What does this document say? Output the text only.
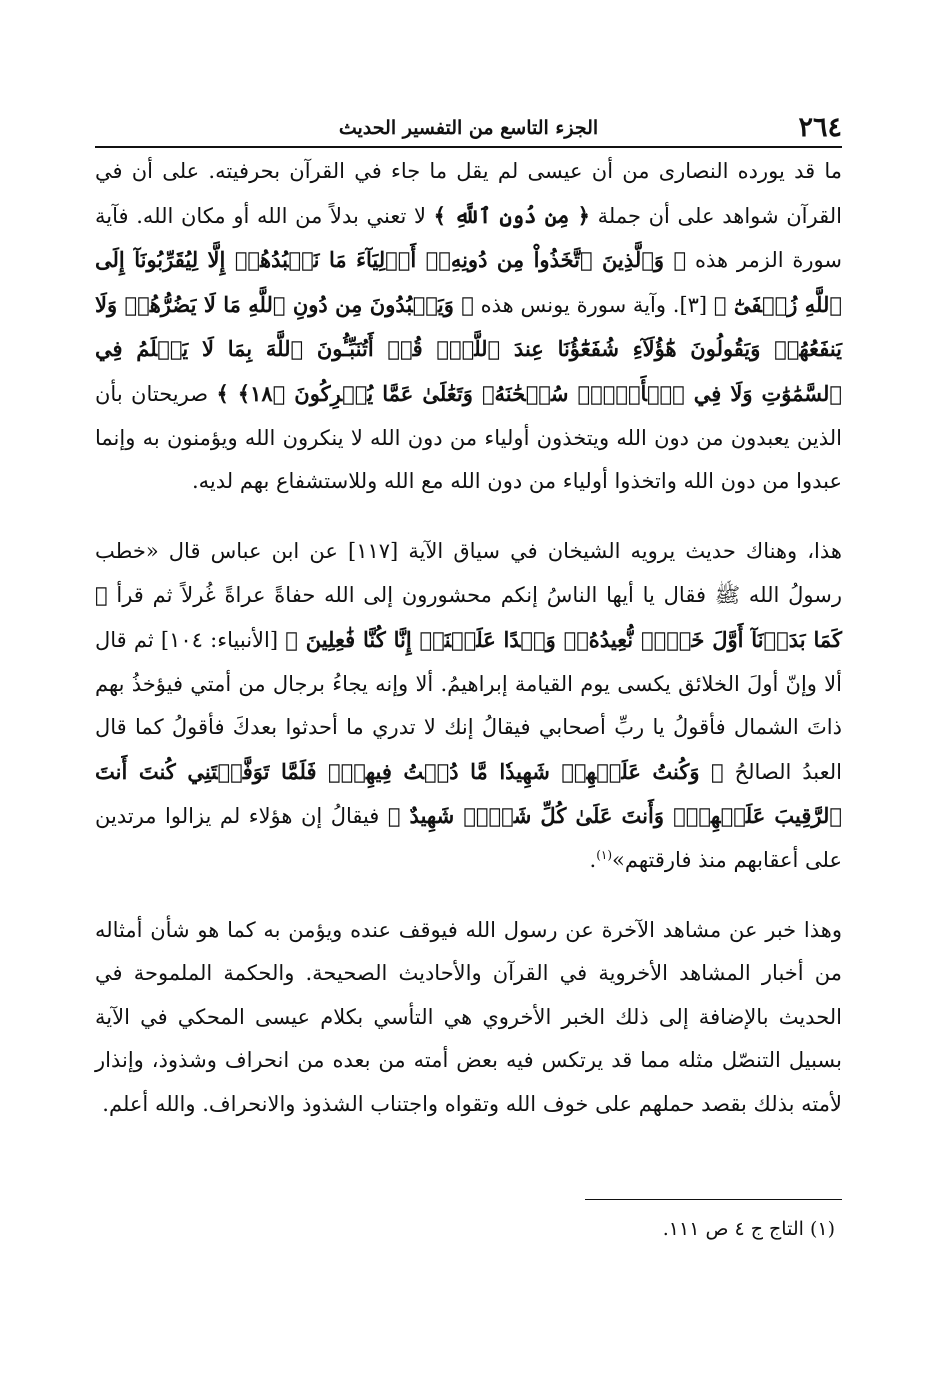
٢٦٤
الجزء التاسع من التفسير الحديث

ما قد يورده النصارى من أن عيسى لم يقل ما جاء في القرآن بحرفيته. على أن في القرآن شواهد على أن جملة ﴿ مِن دُونِ ٱللَّهِ ﴾ لا تعني بدلاً من الله أو مكان الله. فآية سورة الزمر هذه ﴿ وَٱلَّذِينَ ٱتَّخَذُواْ مِن دُونِهِۦٓ أَوۡلِيَآءَ مَا نَعۡبُدُهُمۡ إِلَّا لِيُقَرِّبُونَآ إِلَى ٱللَّهِ زُلۡفَىٰٓ ﴾ [٣]. وآية سورة يونس هذه ﴿ وَيَعۡبُدُونَ مِن دُونِ ٱللَّهِ مَا لَا يَضُرُّهُمۡ وَلَا يَنفَعُهُمۡ وَيَقُولُونَ هَٰٓؤُلَآءِ شُفَعَٰٓؤُنَا عِندَ ٱللَّهِۚ قُلۡ أَتُنَبِّـُٔونَ ٱللَّهَ بِمَا لَا يَعۡلَمُ فِي ٱلسَّمَٰوَٰتِ وَلَا فِي ٱلۡأَرۡضِۚ سُبۡحَٰنَهُۥ وَتَعَٰلَىٰ عَمَّا يُشۡرِكُونَ ﴿١٨﴾ ﴾ صريحتان بأن الذين يعبدون من دون الله ويتخذون أولياء من دون الله لا ينكرون الله ويؤمنون به وإنما عبدوا من دون الله واتخذوا أولياء من دون الله مع الله وللاستشفاع بهم لديه.

هذا، وهناك حديث يرويه الشيخان في سياق الآية [١١٧] عن ابن عباس قال «خطب رسولُ الله ﷺ فقال يا أيها الناسُ إنكم محشورون إلى الله حفاةً عراةً غُرلاً ثم قرأ ﴿ كَمَا بَدَأۡنَآ أَوَّلَ خَلۡقٖ نُّعِيدُهُۥۚ وَعۡدًا عَلَيۡنَآۚ إِنَّا كُنَّا فَٰعِلِينَ ﴾ [الأنبياء: ١٠٤] ثم قال ألا وإنّ أولَ الخلائق يكسى يوم القيامة إبراهيمُ. ألا وإنه يجاءُ برجال من أمتي فيؤخذُ بهم ذاتَ الشمال فأقولُ يا ربِّ أصحابي فيقالُ إنك لا تدري ما أحدثوا بعدكَ فأقولُ كما قال العبدُ الصالحُ ﴿ وَكُنتُ عَلَيۡهِمۡ شَهِيدٗا مَّا دُمۡتُ فِيهِمۡۖ فَلَمَّا تَوَفَّيۡتَنِي كُنتَ أَنتَ ٱلرَّقِيبَ عَلَيۡهِمۡۚ وَأَنتَ عَلَىٰ كُلِّ شَيۡءٖ شَهِيدٌ ﴾ فيقالُ إن هؤلاء لم يزالوا مرتدين على أعقابهم منذ فارقتهم»$^{(١)}$.

وهذا خبر عن مشاهد الآخرة عن رسول الله فيوقف عنده ويؤمن به كما هو شأن أمثاله من أخبار المشاهد الأخروية في القرآن والأحاديث الصحيحة. والحكمة الملموحة في الحديث بالإضافة إلى ذلك الخبر الأخروي هي التأسي بكلام عيسى المحكي في الآية بسبيل التنصّل مثله مما قد يرتكس فيه بعض أمته من بعده من انحراف وشذوذ، وإنذار لأمته بذلك بقصد حملهم على خوف الله وتقواه واجتناب الشذوذ والانحراف. والله أعلم.

(١) التاج ج ٤ ص ١١١.
